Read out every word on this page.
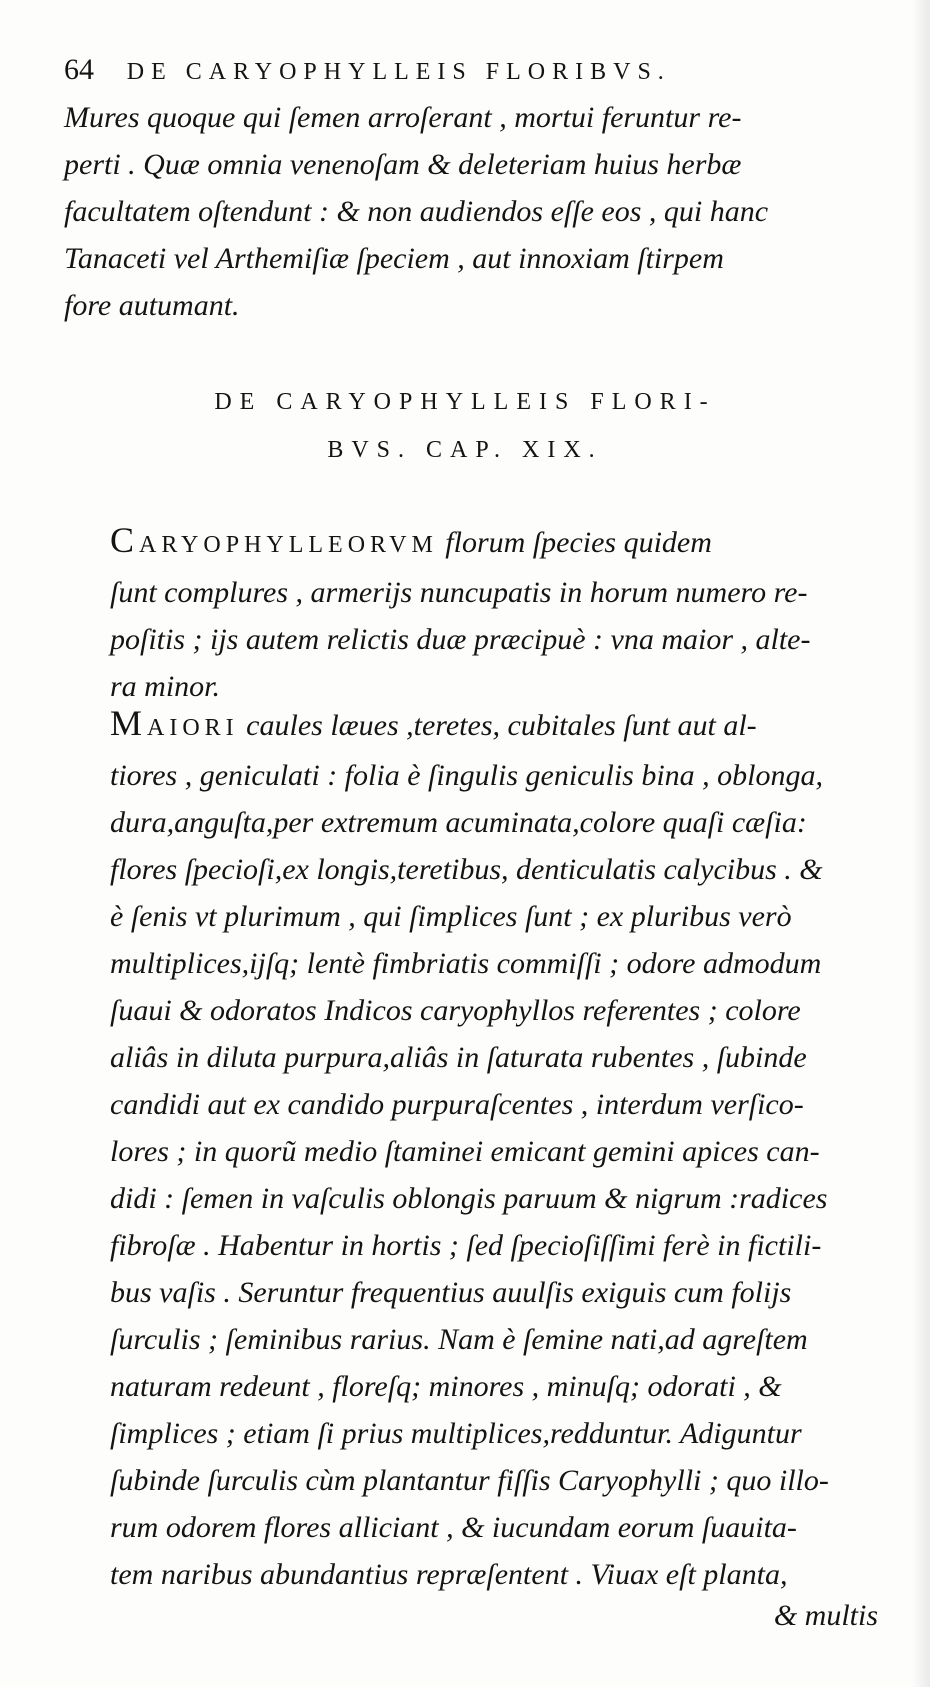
64 DE CARYOPHYLLEIS FLORIBVS.

Mures quoque qui ſemen arroſerant , mortui feruntur re-
perti . Quæ omnia venenoſam & deleteriam huius herbæ
facultatem oſtendunt : & non audiendos eſſe eos , qui hanc
Tanaceti vel Arthemiſiæ ſpeciem , aut innoxiam ſtirpem
fore autumant.

DE CARYOPHYLLEIS FLORI-
BVS. CAP. XIX.

CARYOPHYLLEORVM florum ſpecies quidem
ſunt complures , armerijs nuncupatis in horum numero re-
poſitis ; ijs autem relictis duæ præcipuè : vna maior , alte-
ra minor.

MAIORI caules læues ,teretes, cubitales ſunt aut al-
tiores , geniculati : folia è ſingulis geniculis bina , oblonga,
dura,anguſta,per extremum acuminata,colore quaſi cæſia:
flores ſpecioſi,ex longis,teretibus, denticulatis calycibus . &
è ſenis vt plurimum , qui ſimplices ſunt ; ex pluribus verò
multiplices,ijſq; lentè fimbriatis commiſſi ; odore admodum
ſuaui & odoratos Indicos caryophyllos referentes ; colore
aliâs in diluta purpura,aliâs in ſaturata rubentes , ſubinde
candidi aut ex candido purpuraſcentes , interdum verſico-
lores ; in quorũ medio ſtaminei emicant gemini apices can-
didi : ſemen in vaſculis oblongis paruum & nigrum :radices
fibroſæ . Habentur in hortis ; ſed ſpecioſiſſimi ferè in fictili-
bus vaſis . Seruntur frequentius auulſis exiguis cum folijs
ſurculis ; ſeminibus rarius. Nam è ſemine nati,ad agreſtem
naturam redeunt , floreſq; minores , minuſq; odorati , &
ſimplices ; etiam ſi prius multiplices,redduntur. Adiguntur
ſubinde ſurculis cùm plantantur fiſſis Caryophylli ; quo illo-
rum odorem flores alliciant , & iucundam eorum ſuauita-
tem naribus abundantius repræſentent . Viuax eſt planta,

& multis
